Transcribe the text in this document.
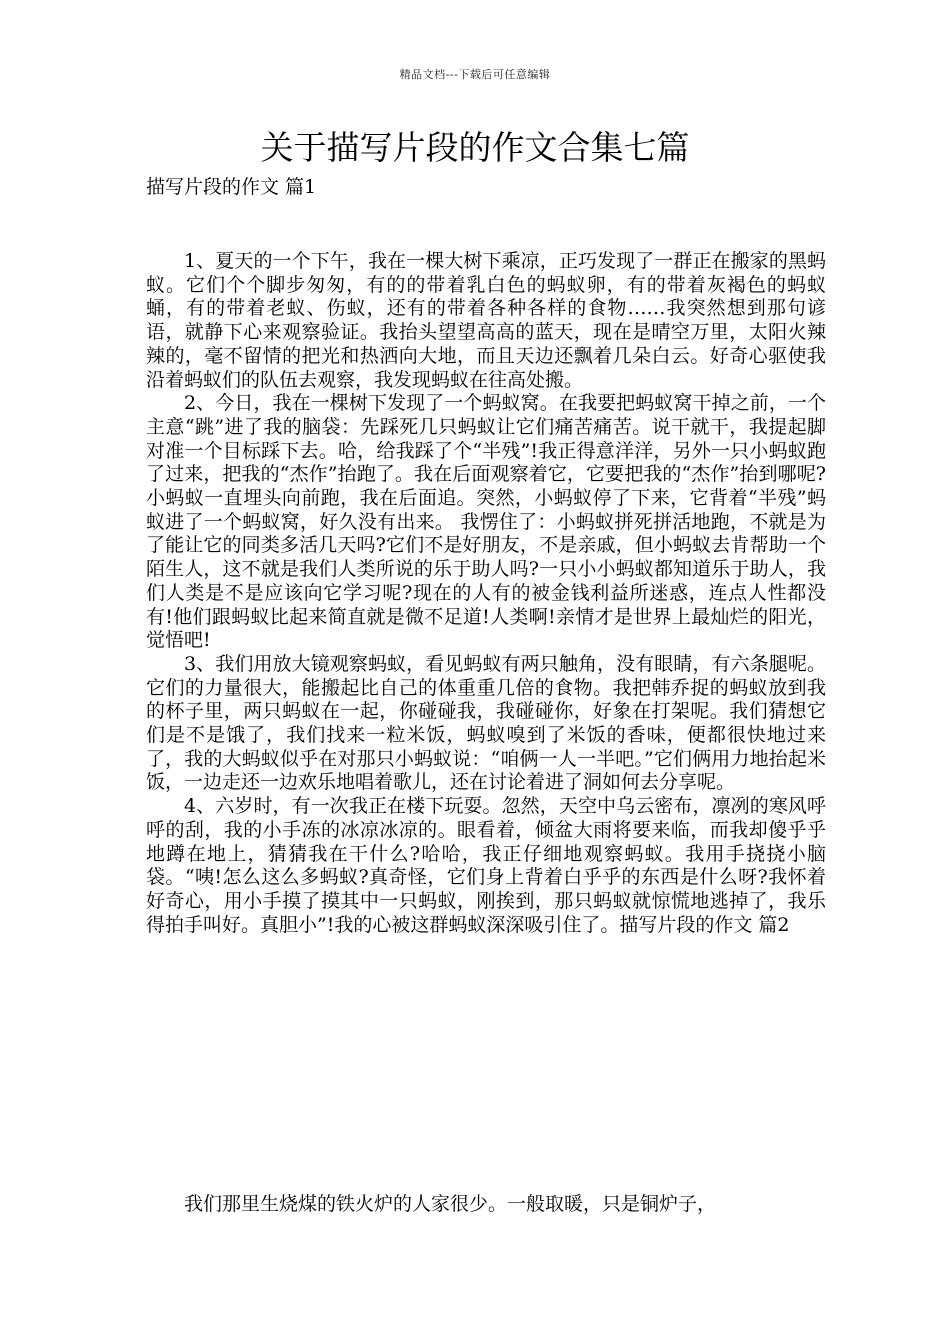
精品文档---下载后可任意编辑
关于描写片段的作文合集七篇
描写片段的作文 篇1

1、夏天的一个下午，我在一棵大树下乘凉，正巧发现了一群正在搬家的黑蚂蚁。它们个个脚步匆匆，有的的带着乳白色的蚂蚁卵，有的带着灰褐色的蚂蚁蛹，有的带着老蚁、伤蚁，还有的带着各种各样的食物……我突然想到那句谚语，就静下心来观察验证。我抬头望望高高的蓝天，现在是晴空万里，太阳火辣辣的，毫不留情的把光和热洒向大地，而且天边还飘着几朵白云。好奇心驱使我沿着蚂蚁们的队伍去观察，我发现蚂蚁在往高处搬。

2、今日，我在一棵树下发现了一个蚂蚁窝。在我要把蚂蚁窝干掉之前，一个主意“跳”进了我的脑袋：先踩死几只蚂蚁让它们痛苦痛苦。说干就干，我提起脚对准一个目标踩下去。哈，给我踩了个“半残”!我正得意洋洋，另外一只小蚂蚁跑了过来，把我的“杰作”抬跑了。我在后面观察着它，它要把我的“杰作”抬到哪呢?小蚂蚁一直埋头向前跑，我在后面追。突然，小蚂蚁停了下来，它背着“半残”蚂蚁进了一个蚂蚁窝，好久没有出来。 我愣住了：小蚂蚁拼死拼活地跑，不就是为了能让它的同类多活几天吗?它们不是好朋友，不是亲戚，但小蚂蚁去肯帮助一个陌生人，这不就是我们人类所说的乐于助人吗?一只小小蚂蚁都知道乐于助人，我们人类是不是应该向它学习呢?现在的人有的被金钱利益所迷惑，连点人性都没有!他们跟蚂蚁比起来简直就是微不足道!人类啊!亲情才是世界上最灿烂的阳光，觉悟吧!

3、我们用放大镜观察蚂蚁，看见蚂蚁有两只触角，没有眼睛，有六条腿呢。它们的力量很大，能搬起比自己的体重重几倍的食物。我把韩乔捉的蚂蚁放到我的杯子里，两只蚂蚁在一起，你碰碰我，我碰碰你，好象在打架呢。我们猜想它们是不是饿了，我们找来一粒米饭，蚂蚁嗅到了米饭的香味，便都很快地过来了，我的大蚂蚁似乎在对那只小蚂蚁说：“咱俩一人一半吧。”它们俩用力地抬起米饭，一边走还一边欢乐地唱着歌儿，还在讨论着进了洞如何去分享呢。

4、六岁时，有一次我正在楼下玩耍。忽然，天空中乌云密布，凛冽的寒风呼呼的刮，我的小手冻的冰凉冰凉的。眼看着，倾盆大雨将要来临，而我却傻乎乎地蹲在地上，猜猜我在干什么?哈哈，我正仔细地观察蚂蚁。我用手挠挠小脑袋。“咦!怎么这么多蚂蚁?真奇怪，它们身上背着白乎乎的东西是什么呀?我怀着好奇心，用小手摸了摸其中一只蚂蚁，刚挨到，那只蚂蚁就惊慌地逃掉了，我乐得拍手叫好。真胆小”!我的心被这群蚂蚁深深吸引住了。描写片段的作文 篇2

我们那里生烧煤的铁火炉的人家很少。一般取暖，只是铜炉子，
